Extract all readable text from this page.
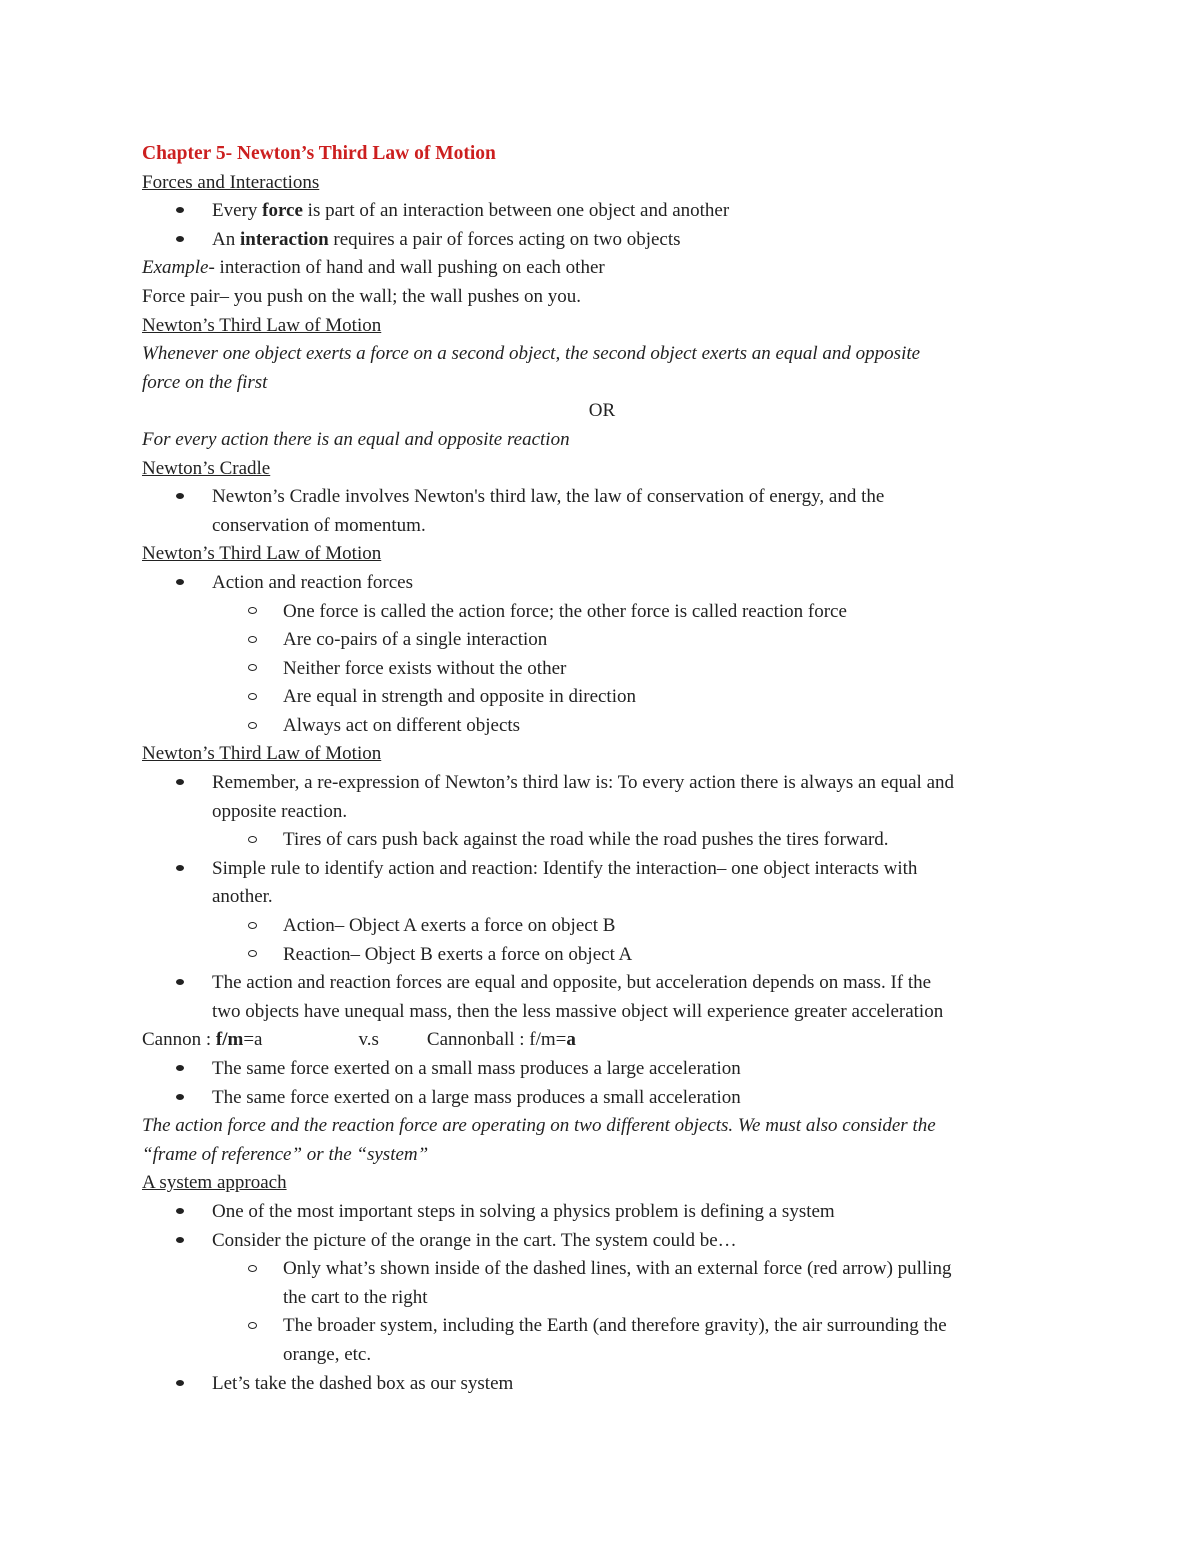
Chapter 5- Newton’s Third Law of Motion
Forces and Interactions
Every force is part of an interaction between one object and another
An interaction requires a pair of forces acting on two objects
Example- interaction of hand and wall pushing on each other
Force pair– you push on the wall; the wall pushes on you.
Newton’s Third Law of Motion
Whenever one object exerts a force on a second object, the second object exerts an equal and opposite
force on the first
OR
For every action there is an equal and opposite reaction
Newton’s Cradle
Newton’s Cradle involves Newton's third law, the law of conservation of energy, and the
conservation of momentum.
Newton’s Third Law of Motion
Action and reaction forces
One force is called the action force; the other force is called reaction force
Are co-pairs of a single interaction
Neither force exists without the other
Are equal in strength and opposite in direction
Always act on different objects
Newton’s Third Law of Motion
Remember, a re-expression of Newton’s third law is: To every action there is always an equal and
opposite reaction.
Tires of cars push back against the road while the road pushes the tires forward.
Simple rule to identify action and reaction: Identify the interaction– one object interacts with
another.
Action– Object A exerts a force on object B
Reaction– Object B exerts a force on object A
The action and reaction forces are equal and opposite, but acceleration depends on mass. If the
two objects have unequal mass, then the less massive object will experience greater acceleration
Cannon : f/m=a	v.s	Cannonball : f/m=a
The same force exerted on a small mass produces a large acceleration
The same force exerted on a large mass produces a small acceleration
The action force and the reaction force are operating on two different objects. We must also consider the
“frame of reference” or the “system”
A system approach
One of the most important steps in solving a physics problem is defining a system
Consider the picture of the orange in the cart. The system could be…
Only what’s shown inside of the dashed lines, with an external force (red arrow) pulling
the cart to the right
The broader system, including the Earth (and therefore gravity), the air surrounding the
orange, etc.
Let’s take the dashed box as our system
